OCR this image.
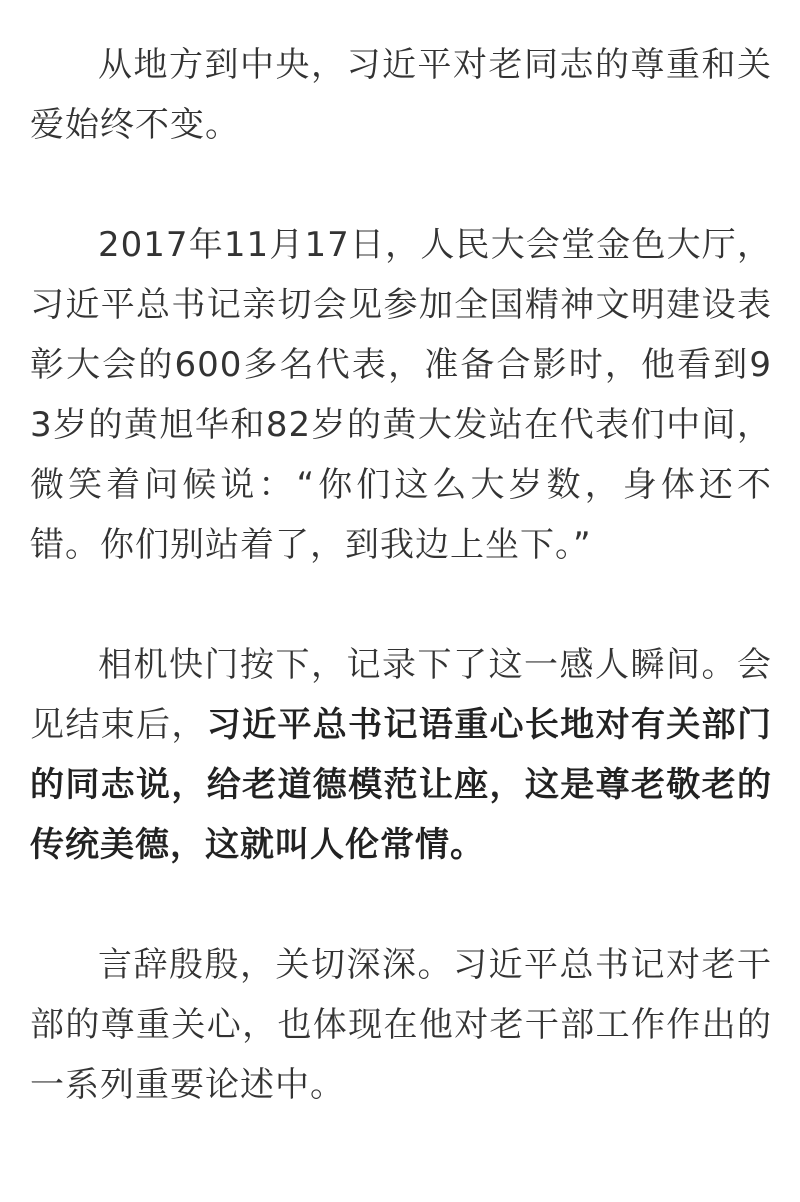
从地方到中央，习近平对老同志的尊重和关爱始终不变。

2017年11月17日，人民大会堂金色大厅，习近平总书记亲切会见参加全国精神文明建设表彰大会的600多名代表，准备合影时，他看到93岁的黄旭华和82岁的黄大发站在代表们中间，微笑着问候说：“你们这么大岁数，身体还不错。你们别站着了，到我边上坐下。”

相机快门按下，记录下了这一感人瞬间。会见结束后，习近平总书记语重心长地对有关部门的同志说，给老道德模范让座，这是尊老敬老的传统美德，这就叫人伦常情。

言辞殷殷，关切深深。习近平总书记对老干部的尊重关心，也体现在他对老干部工作作出的一系列重要论述中。
